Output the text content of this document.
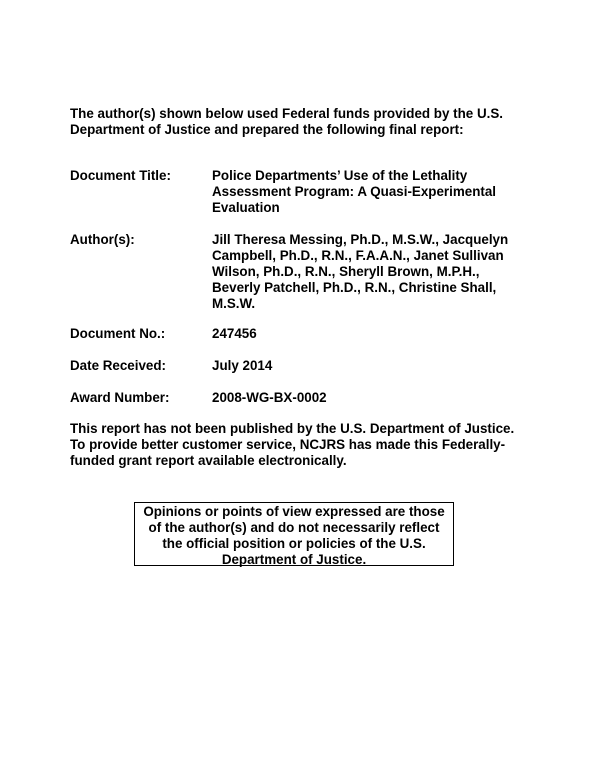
The author(s) shown below used Federal funds provided by the U.S.

Department of Justice and prepared the following final report:

Document Title:	Police Departments’ Use of the Lethality
Assessment Program: A Quasi-Experimental
Evaluation
Author(s):	Jill Theresa Messing, Ph.D., M.S.W., Jacquelyn
Campbell, Ph.D., R.N., F.A.A.N., Janet Sullivan
Wilson, Ph.D., R.N., Sheryll Brown, M.P.H.,
Beverly Patchell, Ph.D., R.N., Christine Shall,
M.S.W.
Document No.:	247456
Date Received:	July 2014
Award Number:	2008-WG-BX-0002

This report has not been published by the U.S. Department of Justice.

To provide better customer service, NCJRS has made this Federally-

funded grant report available electronically.

Opinions or points of view expressed are those
of the author(s) and do not necessarily reflect
the official position or policies of the U.S.
Department of Justice.
